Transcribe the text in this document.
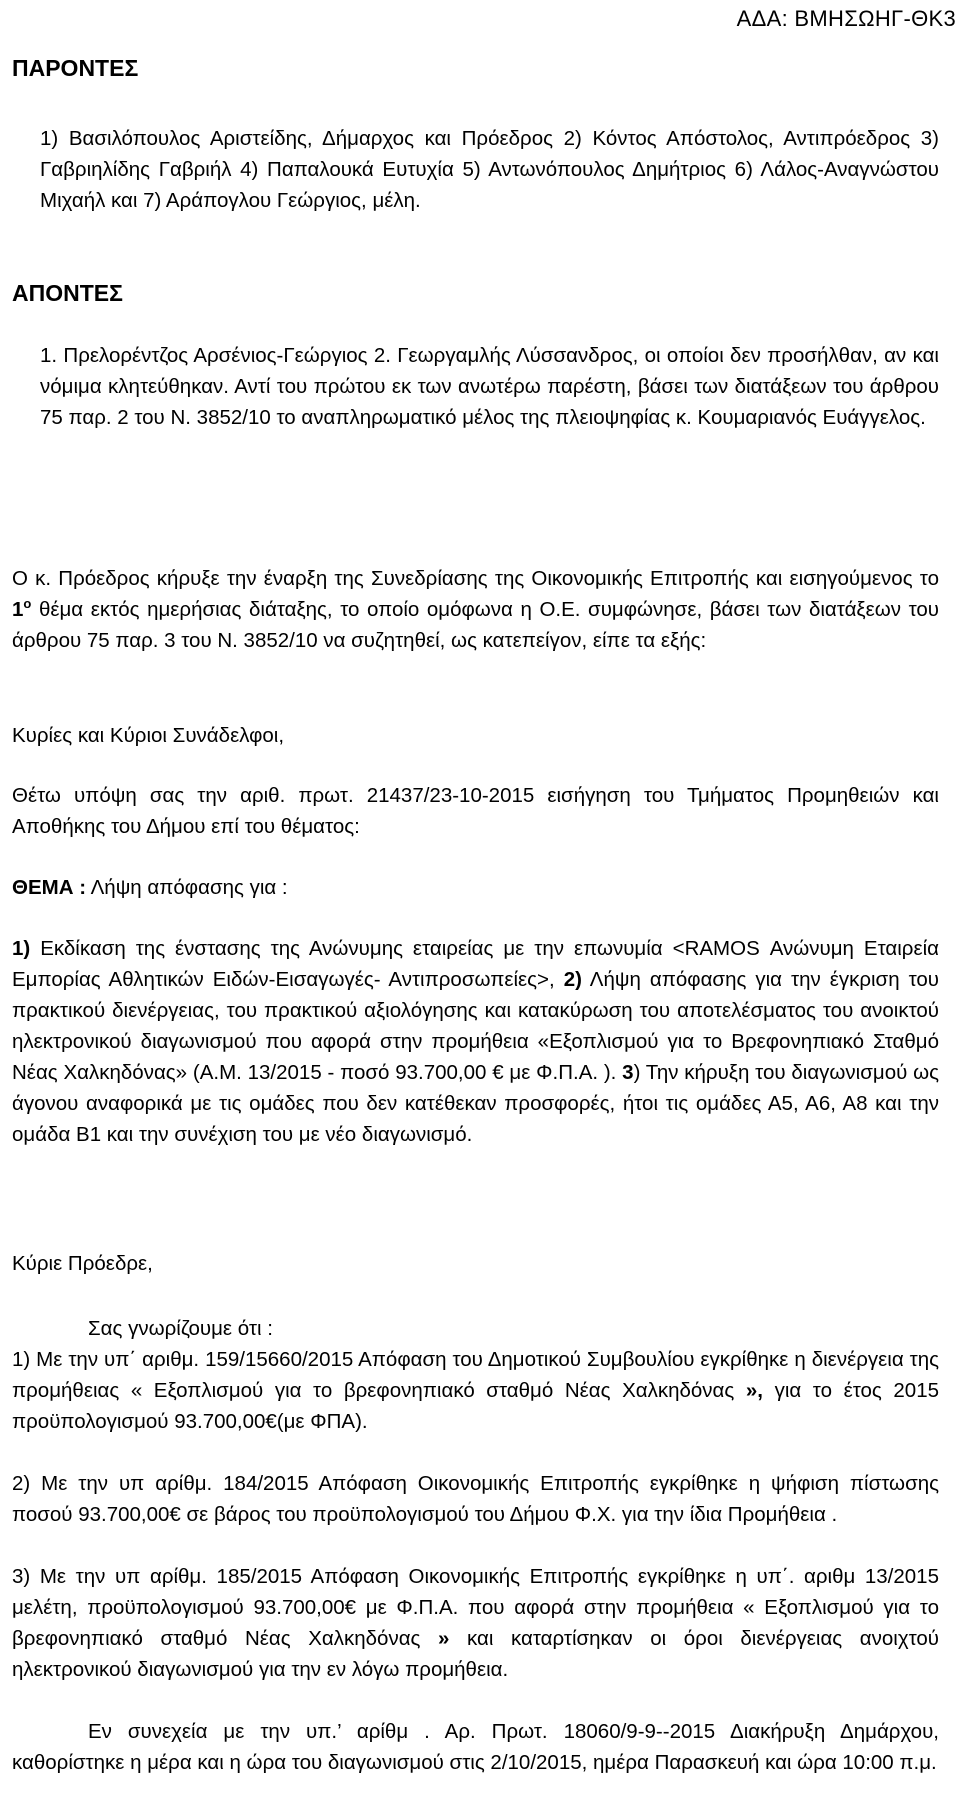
ΑΔΑ: ΒΜΗΣΩΗΓ-ΘΚ3
ΠΑΡΟΝΤΕΣ
1) Βασιλόπουλος Αριστείδης, Δήμαρχος και Πρόεδρος 2) Κόντος Απόστολος, Αντιπρόεδρος 3) Γαβριηλίδης Γαβριήλ 4) Παπαλουκά Ευτυχία 5) Αντωνόπουλος Δημήτριος 6) Λάλος-Αναγνώστου Μιχαήλ και 7) Αράπογλου Γεώργιος, μέλη.
ΑΠΟΝΤΕΣ
1. Πρελορέντζος Αρσένιος-Γεώργιος 2. Γεωργαμλής Λύσσανδρος, οι οποίοι δεν προσήλθαν, αν και νόμιμα κλητεύθηκαν. Αντί του πρώτου εκ των ανωτέρω παρέστη, βάσει των διατάξεων του άρθρου 75 παρ. 2 του Ν. 3852/10 το αναπληρωματικό μέλος της πλειοψηφίας κ. Κουμαριανός Ευάγγελος.
Ο κ. Πρόεδρος κήρυξε την έναρξη της Συνεδρίασης της Οικονομικής Επιτροπής και εισηγούμενος το $1^o$ θέμα εκτός ημερήσιας διάταξης, το οποίο ομόφωνα η Ο.Ε. συμφώνησε, βάσει των διατάξεων του άρθρου 75 παρ. 3 του Ν. 3852/10 να συζητηθεί, ως κατεπείγον, είπε τα εξής:
Κυρίες και Κύριοι Συνάδελφοι,
Θέτω υπόψη σας την αριθ. πρωτ. 21437/23-10-2015 εισήγηση του Τμήματος Προμηθειών και Αποθήκης του Δήμου επί του θέματος:
ΘΕΜΑ : Λήψη απόφασης για :
1) Εκδίκαση της ένστασης της Ανώνυμης εταιρείας με την επωνυμία <RAMOS Ανώνυμη Εταιρεία Εμπορίας Αθλητικών Ειδών-Εισαγωγές- Αντιπροσωπείες>, 2) Λήψη απόφασης για την έγκριση του πρακτικού διενέργειας, του πρακτικού αξιολόγησης και κατακύρωση του αποτελέσματος του ανοικτού ηλεκτρονικού διαγωνισμού που αφορά στην προμήθεια «Εξοπλισμού για το Βρεφονηπιακό Σταθμό Νέας Χαλκηδόνας» (Α.Μ. 13/2015 - ποσό 93.700,00 € με Φ.Π.Α. ). 3) Την κήρυξη του διαγωνισμού ως άγονου αναφορικά με τις ομάδες που δεν κατέθεκαν προσφορές, ήτοι τις ομάδες Α5, Α6, Α8 και την ομάδα Β1 και την συνέχιση του με νέο διαγωνισμό.
Κύριε Πρόεδρε,
Σας γνωρίζουμε ότι :
1) Με την υπ΄ αριθμ. 159/15660/2015 Απόφαση του Δημοτικού Συμβουλίου εγκρίθηκε η διενέργεια της προμήθειας « Εξοπλισμού για το βρεφονηπιακό σταθμό Νέας Χαλκηδόνας », για το έτος 2015 προϋπολογισμού 93.700,00€(με ΦΠΑ).
2) Με την υπ αρίθμ. 184/2015 Απόφαση Οικονομικής Επιτροπής εγκρίθηκε η ψήφιση πίστωσης ποσού 93.700,00€ σε βάρος του προϋπολογισμού του Δήμου Φ.Χ. για την ίδια Προμήθεια .
3) Με την υπ αρίθμ. 185/2015 Απόφαση Οικονομικής Επιτροπής εγκρίθηκε η υπ΄. αριθμ 13/2015 μελέτη, προϋπολογισμού 93.700,00€ με Φ.Π.Α. που αφορά στην προμήθεια « Εξοπλισμού για το βρεφονηπιακό σταθμό Νέας Χαλκηδόνας » και καταρτίσηκαν οι όροι διενέργειας ανοιχτού ηλεκτρονικού διαγωνισμού για την εν λόγω προμήθεια.
Εν συνεχεία με την υπ.’ αρίθμ . Αρ. Πρωτ. 18060/9-9--2015 Διακήρυξη Δημάρχου, καθορίστηκε η μέρα και η ώρα του διαγωνισμού στις 2/10/2015, ημέρα Παρασκευή και ώρα 10:00 π.μ.
